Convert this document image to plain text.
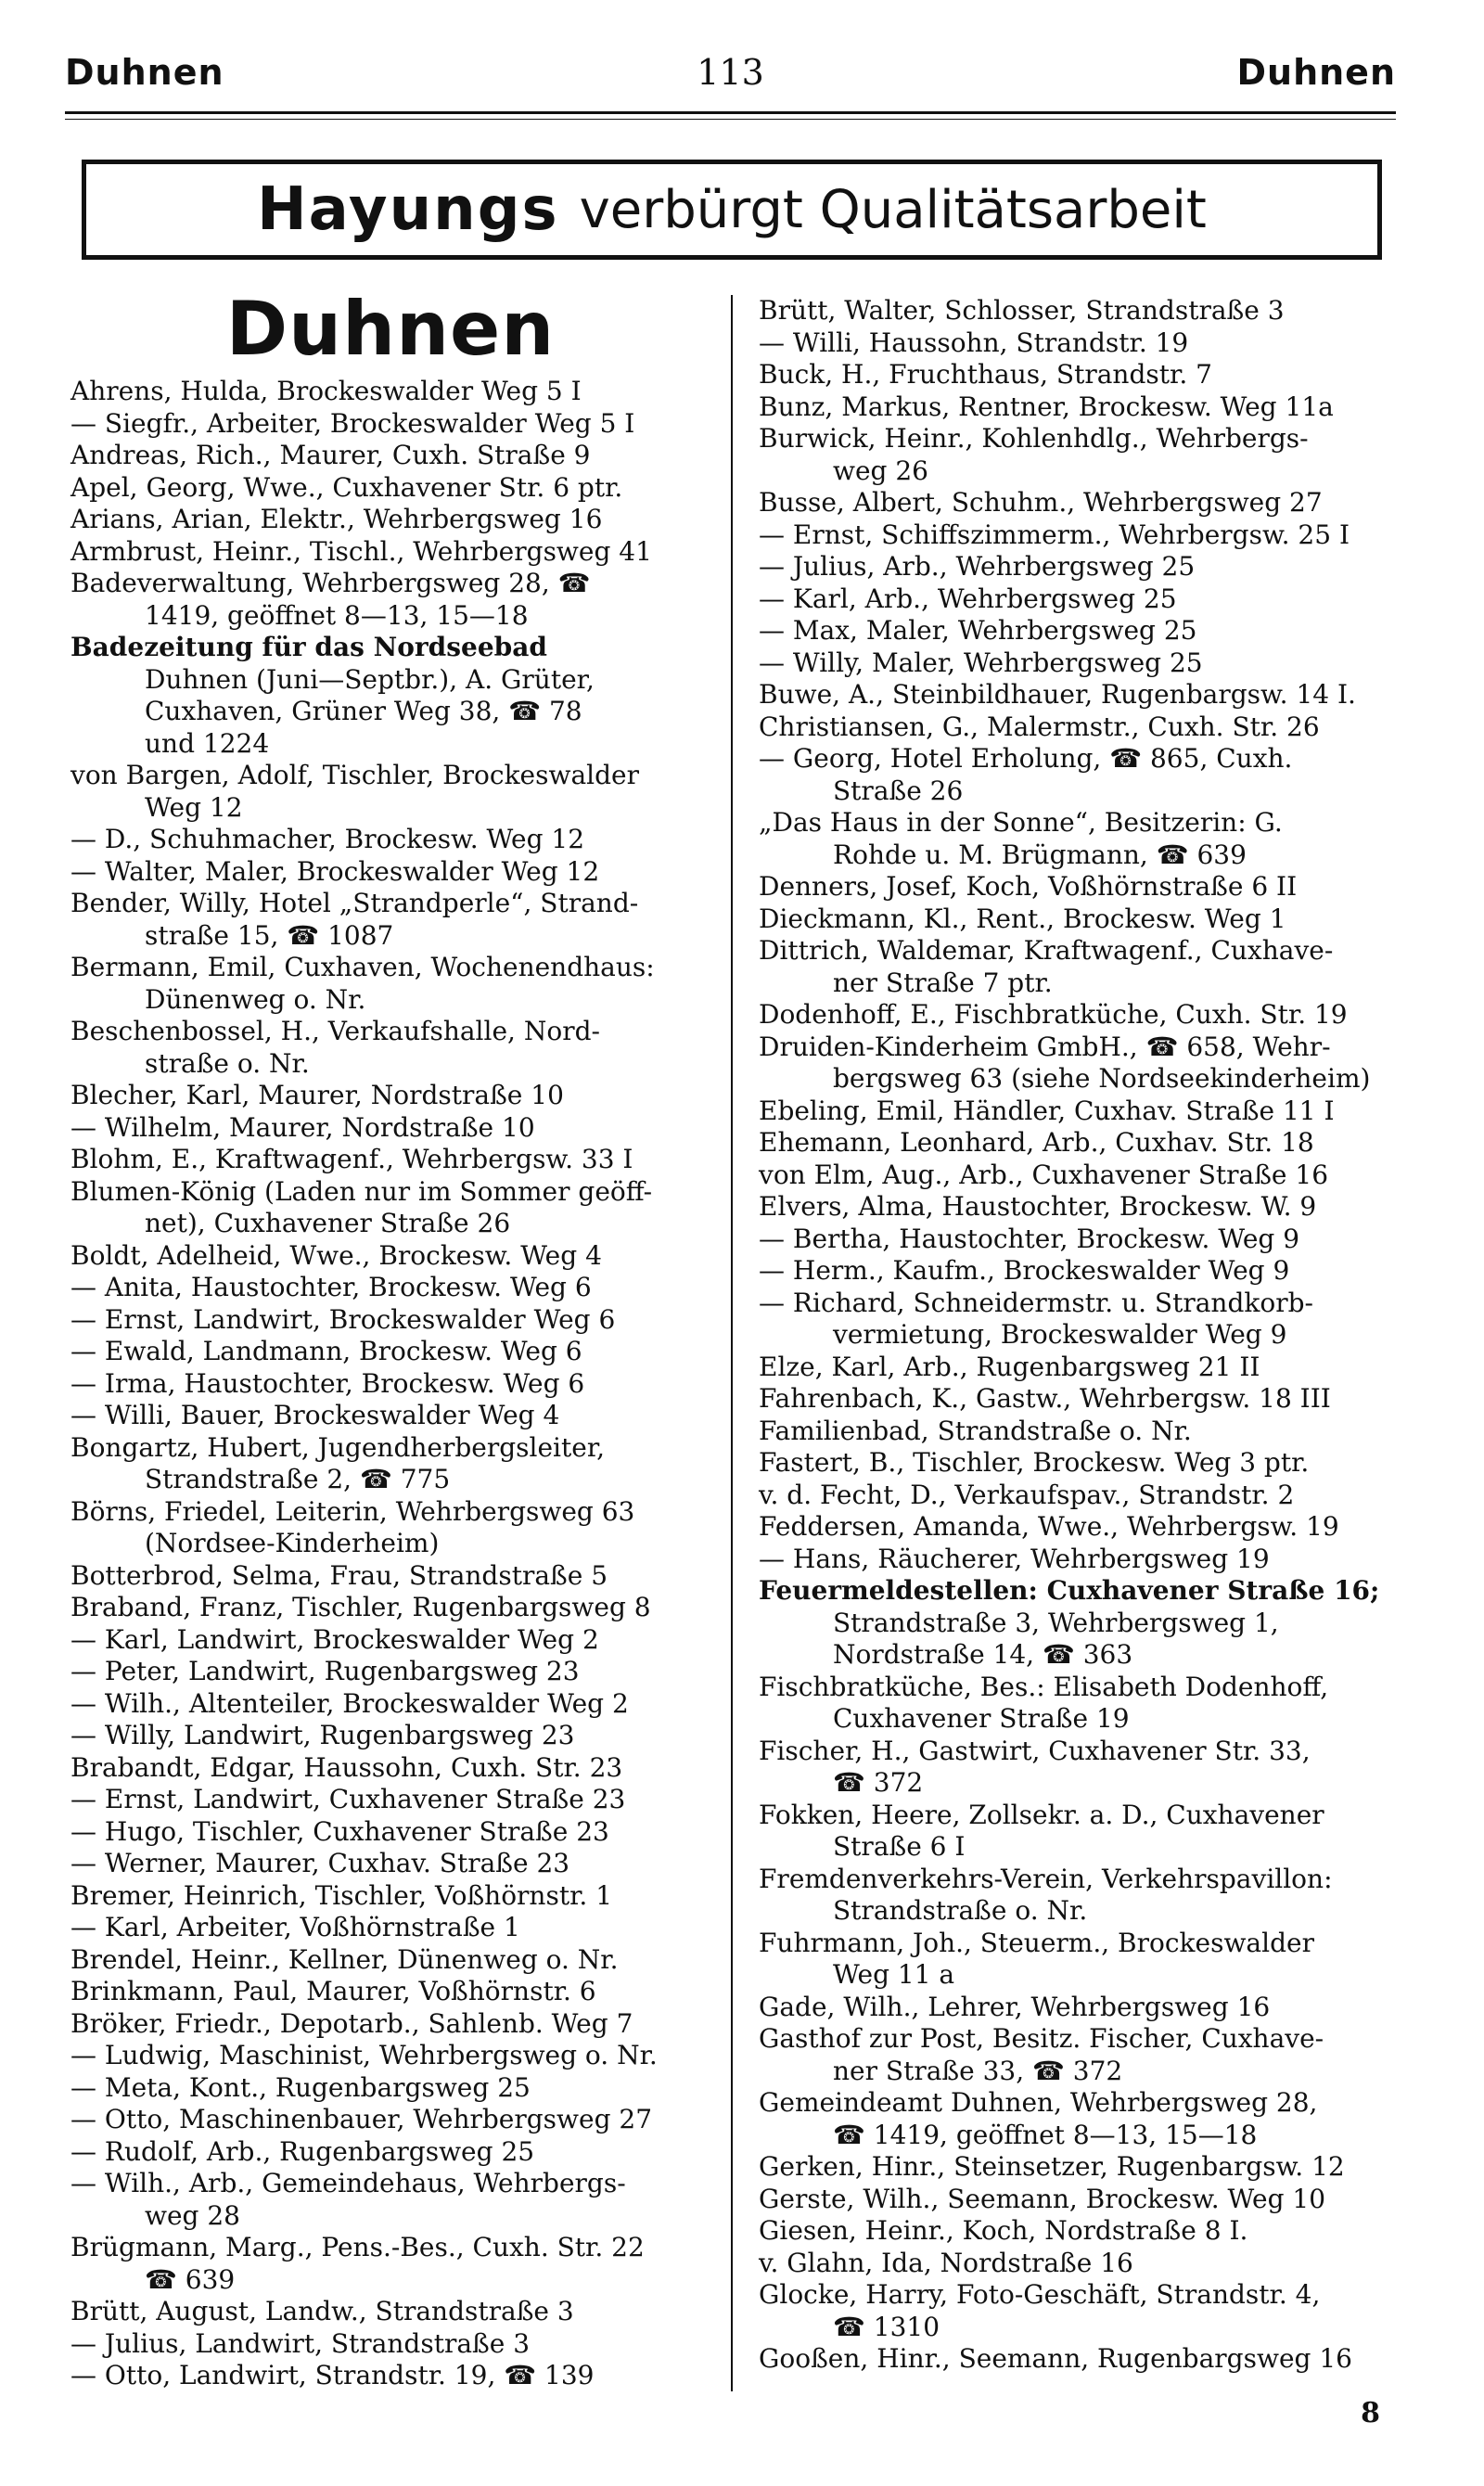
Duhnen	113	Duhnen
Hayungs verbürgt Qualitätsarbeit
Duhnen
Ahrens, Hulda, Brockeswalder Weg 5 I
— Siegfr., Arbeiter, Brockeswalder Weg 5 I
Andreas, Rich., Maurer, Cuxh. Straße 9
Apel, Georg, Wwe., Cuxhavener Str. 6 ptr.
Arians, Arian, Elektr., Wehrbergsweg 16
Armbrust, Heinr., Tischl., Wehrbergsweg 41
Badeverwaltung, Wehrbergsweg 28, ☎
1419, geöffnet 8—13, 15—18
Badezeitung für das Nordseebad
Duhnen (Juni—Septbr.), A. Grüter,
Cuxhaven, Grüner Weg 38, ☎ 78
und 1224
von Bargen, Adolf, Tischler, Brockeswalder
Weg 12
— D., Schuhmacher, Brockesw. Weg 12
— Walter, Maler, Brockeswalder Weg 12
Bender, Willy, Hotel „Strandperle“, Strand-
straße 15, ☎ 1087
Bermann, Emil, Cuxhaven, Wochenendhaus:
Dünenweg o. Nr.
Beschenbossel, H., Verkaufshalle, Nord-
straße o. Nr.
Blecher, Karl, Maurer, Nordstraße 10
— Wilhelm, Maurer, Nordstraße 10
Blohm, E., Kraftwagenf., Wehrbergsw. 33 I
Blumen-König (Laden nur im Sommer geöff-
net), Cuxhavener Straße 26
Boldt, Adelheid, Wwe., Brockesw. Weg 4
— Anita, Haustochter, Brockesw. Weg 6
— Ernst, Landwirt, Brockeswalder Weg 6
— Ewald, Landmann, Brockesw. Weg 6
— Irma, Haustochter, Brockesw. Weg 6
— Willi, Bauer, Brockeswalder Weg 4
Bongartz, Hubert, Jugendherbergsleiter,
Strandstraße 2, ☎ 775
Börns, Friedel, Leiterin, Wehrbergsweg 63
(Nordsee-Kinderheim)
Botterbrod, Selma, Frau, Strandstraße 5
Braband, Franz, Tischler, Rugenbargsweg 8
— Karl, Landwirt, Brockeswalder Weg 2
— Peter, Landwirt, Rugenbargsweg 23
— Wilh., Altenteiler, Brockeswalder Weg 2
— Willy, Landwirt, Rugenbargsweg 23
Brabandt, Edgar, Haussohn, Cuxh. Str. 23
— Ernst, Landwirt, Cuxhavener Straße 23
— Hugo, Tischler, Cuxhavener Straße 23
— Werner, Maurer, Cuxhav. Straße 23
Bremer, Heinrich, Tischler, Voßhörnstr. 1
— Karl, Arbeiter, Voßhörnstraße 1
Brendel, Heinr., Kellner, Dünenweg o. Nr.
Brinkmann, Paul, Maurer, Voßhörnstr. 6
Bröker, Friedr., Depotarb., Sahlenb. Weg 7
— Ludwig, Maschinist, Wehrbergsweg o. Nr.
— Meta, Kont., Rugenbargsweg 25
— Otto, Maschinenbauer, Wehrbergsweg 27
— Rudolf, Arb., Rugenbargsweg 25
— Wilh., Arb., Gemeindehaus, Wehrbergs-
weg 28
Brügmann, Marg., Pens.-Bes., Cuxh. Str. 22
☎ 639
Brütt, August, Landw., Strandstraße 3
— Julius, Landwirt, Strandstraße 3
— Otto, Landwirt, Strandstr. 19, ☎ 139
Brütt, Walter, Schlosser, Strandstraße 3
— Willi, Haussohn, Strandstr. 19
Buck, H., Fruchthaus, Strandstr. 7
Bunz, Markus, Rentner, Brockesw. Weg 11a
Burwick, Heinr., Kohlenhdlg., Wehrbergs-
weg 26
Busse, Albert, Schuhm., Wehrbergsweg 27
— Ernst, Schiffszimmerm., Wehrbergsw. 25 I
— Julius, Arb., Wehrbergsweg 25
— Karl, Arb., Wehrbergsweg 25
— Max, Maler, Wehrbergsweg 25
— Willy, Maler, Wehrbergsweg 25
Buwe, A., Steinbildhauer, Rugenbargsw. 14 I.
Christiansen, G., Malermstr., Cuxh. Str. 26
— Georg, Hotel Erholung, ☎ 865, Cuxh.
Straße 26
„Das Haus in der Sonne“, Besitzerin: G.
Rohde u. M. Brügmann, ☎ 639
Denners, Josef, Koch, Voßhörnstraße 6 II
Dieckmann, Kl., Rent., Brockesw. Weg 1
Dittrich, Waldemar, Kraftwagenf., Cuxhave-
ner Straße 7 ptr.
Dodenhoff, E., Fischbratküche, Cuxh. Str. 19
Druiden-Kinderheim GmbH., ☎ 658, Wehr-
bergsweg 63 (siehe Nordseekinderheim)
Ebeling, Emil, Händler, Cuxhav. Straße 11 I
Ehemann, Leonhard, Arb., Cuxhav. Str. 18
von Elm, Aug., Arb., Cuxhavener Straße 16
Elvers, Alma, Haustochter, Brockesw. W. 9
— Bertha, Haustochter, Brockesw. Weg 9
— Herm., Kaufm., Brockeswalder Weg 9
— Richard, Schneidermstr. u. Strandkorb-
vermietung, Brockeswalder Weg 9
Elze, Karl, Arb., Rugenbargsweg 21 II
Fahrenbach, K., Gastw., Wehrbergsw. 18 III
Familienbad, Strandstraße o. Nr.
Fastert, B., Tischler, Brockesw. Weg 3 ptr.
v. d. Fecht, D., Verkaufspav., Strandstr. 2
Feddersen, Amanda, Wwe., Wehrbergsw. 19
— Hans, Räucherer, Wehrbergsweg 19
Feuermeldestellen: Cuxhavener Straße 16;
Strandstraße 3, Wehrbergsweg 1,
Nordstraße 14, ☎ 363
Fischbratküche, Bes.: Elisabeth Dodenhoff,
Cuxhavener Straße 19
Fischer, H., Gastwirt, Cuxhavener Str. 33,
☎ 372
Fokken, Heere, Zollsekr. a. D., Cuxhavener
Straße 6 I
Fremdenverkehrs-Verein, Verkehrspavillon:
Strandstraße o. Nr.
Fuhrmann, Joh., Steuerm., Brockeswalder
Weg 11 a
Gade, Wilh., Lehrer, Wehrbergsweg 16
Gasthof zur Post, Besitz. Fischer, Cuxhave-
ner Straße 33, ☎ 372
Gemeindeamt Duhnen, Wehrbergsweg 28,
☎ 1419, geöffnet 8—13, 15—18
Gerken, Hinr., Steinsetzer, Rugenbargsw. 12
Gerste, Wilh., Seemann, Brockesw. Weg 10
Giesen, Heinr., Koch, Nordstraße 8 I.
v. Glahn, Ida, Nordstraße 16
Glocke, Harry, Foto-Geschäft, Strandstr. 4,
☎ 1310
Gooßen, Hinr., Seemann, Rugenbargsweg 16
8
